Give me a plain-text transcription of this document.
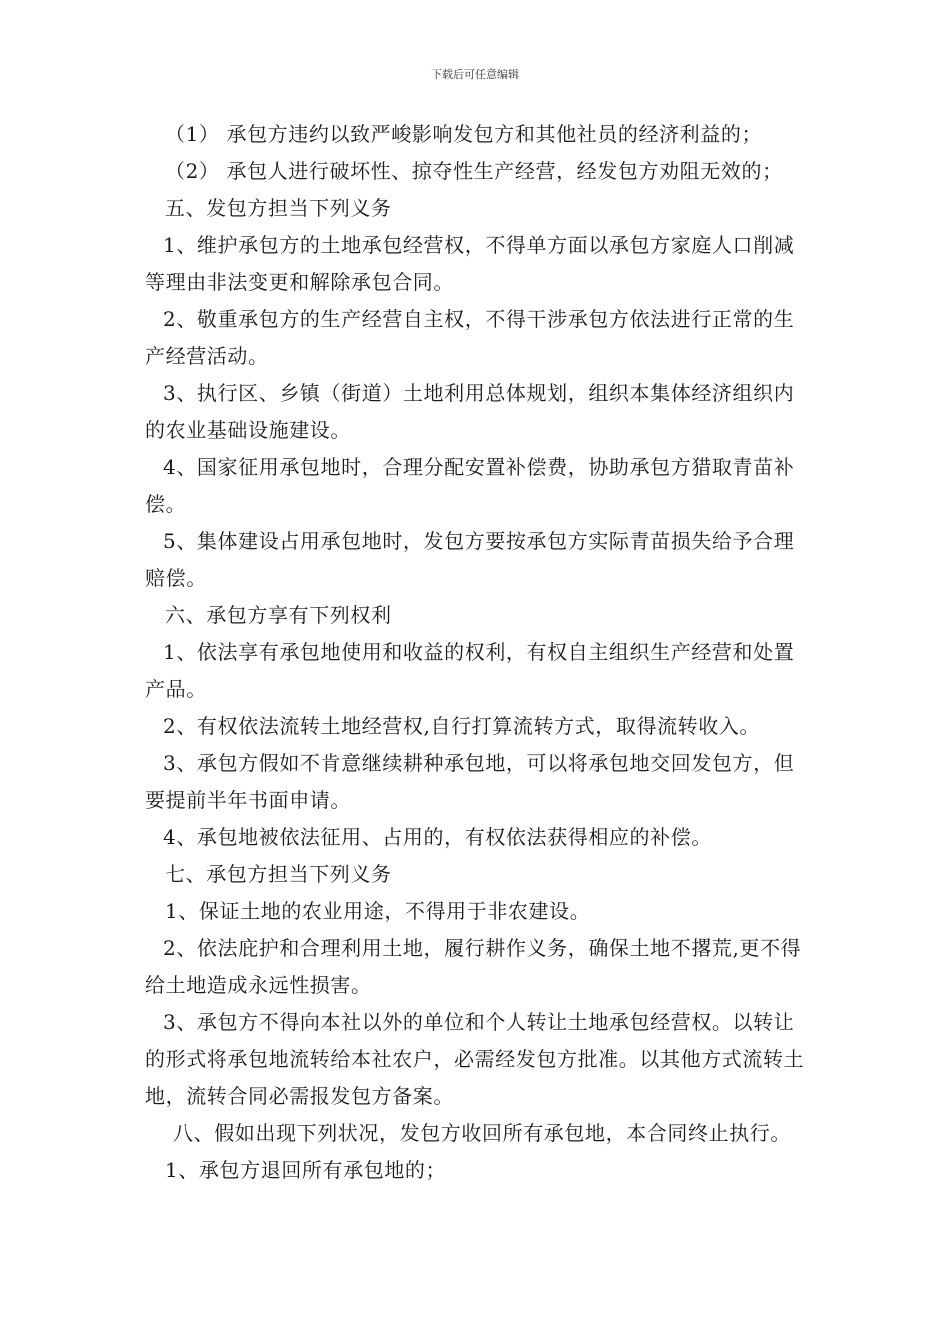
下载后可任意编辑

（1） 承包方违约以致严峻影响发包方和其他社员的经济利益的；

（2） 承包人进行破坏性、掠夺性生产经营，经发包方劝阻无效的；

五、发包方担当下列义务

1、维护承包方的土地承包经营权，不得单方面以承包方家庭人口削减等理由非法变更和解除承包合同。

2、敬重承包方的生产经营自主权，不得干涉承包方依法进行正常的生产经营活动。

3、执行区、乡镇（街道）土地利用总体规划，组织本集体经济组织内的农业基础设施建设。

4、国家征用承包地时，合理分配安置补偿费，协助承包方猎取青苗补偿。

5、集体建设占用承包地时，发包方要按承包方实际青苗损失给予合理赔偿。

六、承包方享有下列权利

1、依法享有承包地使用和收益的权利，有权自主组织生产经营和处置产品。

2、有权依法流转土地经营权,自行打算流转方式，取得流转收入。

3、承包方假如不肯意继续耕种承包地，可以将承包地交回发包方，但要提前半年书面申请。

4、承包地被依法征用、占用的，有权依法获得相应的补偿。

七、承包方担当下列义务

1、保证土地的农业用途，不得用于非农建设。

2、依法庇护和合理利用土地，履行耕作义务，确保土地不撂荒,更不得给土地造成永远性损害。

3、承包方不得向本社以外的单位和个人转让土地承包经营权。以转让的形式将承包地流转给本社农户，必需经发包方批准。以其他方式流转土地，流转合同必需报发包方备案。

八、假如出现下列状况，发包方收回所有承包地，本合同终止执行。

1、承包方退回所有承包地的；
